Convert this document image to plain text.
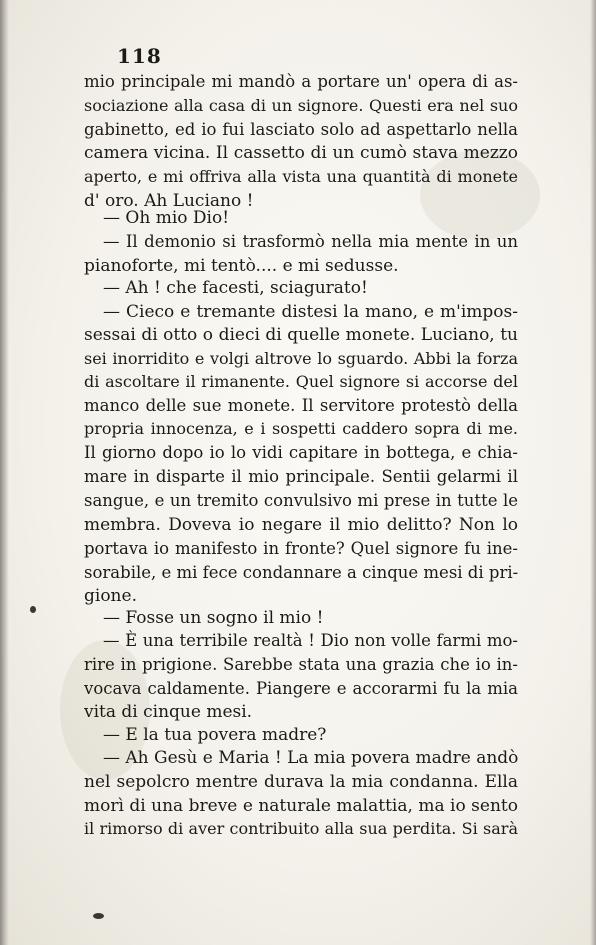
118
mio principale mi mandò a portare un' opera di as-
sociazione alla casa di un signore. Questi era nel suo
gabinetto, ed io fui lasciato solo ad aspettarlo nella
camera vicina. Il cassetto di un cumò stava mezzo
aperto, e mi offriva alla vista una quantità di monete
d' oro. Ah Luciano !
— Oh mio Dio!
— Il demonio si trasformò nella mia mente in un
pianoforte, mi tentò.... e mi sedusse.
— Ah ! che facesti, sciagurato!
— Cieco e tremante distesi la mano, e m'impos-
sessai di otto o dieci di quelle monete. Luciano, tu
sei inorridito e volgi altrove lo sguardo. Abbi la forza
di ascoltare il rimanente. Quel signore si accorse del
manco delle sue monete. Il servitore protestò della
propria innocenza, e i sospetti caddero sopra di me.
Il giorno dopo io lo vidi capitare in bottega, e chia-
mare in disparte il mio principale. Sentii gelarmi il
sangue, e un tremito convulsivo mi prese in tutte le
membra. Doveva io negare il mio delitto? Non lo
portava io manifesto in fronte? Quel signore fu ine-
sorabile, e mi fece condannare a cinque mesi di pri-
gione.
— Fosse un sogno il mio !
— È una terribile realtà ! Dio non volle farmi mo-
rire in prigione. Sarebbe stata una grazia che io in-
vocava caldamente. Piangere e accorarmi fu la mia
vita di cinque mesi.
— E la tua povera madre?
— Ah Gesù e Maria ! La mia povera madre andò
nel sepolcro mentre durava la mia condanna. Ella
morì di una breve e naturale malattia, ma io sento
il rimorso di aver contribuito alla sua perdita. Si sarà
